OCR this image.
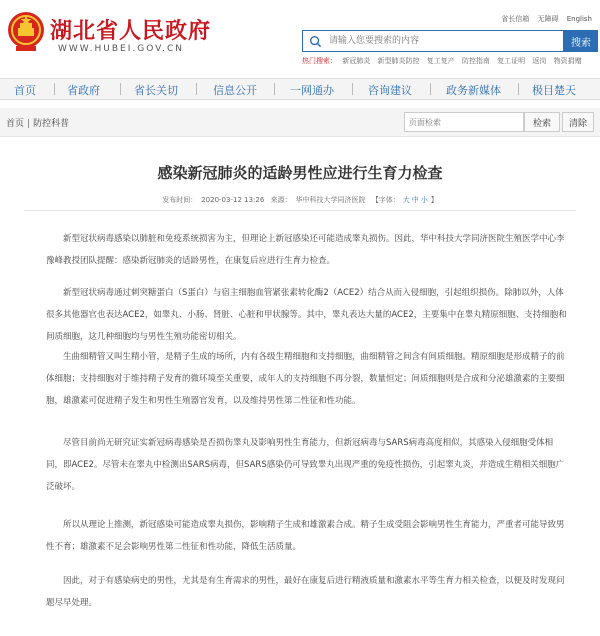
湖北省人民政府
WWW.HUBEI.GOV.CN
省长信箱 无障碍 English
请输入您要搜索的内容
搜索
热门搜索： 新冠肺炎 新型肺炎防控 复工复产 防控指南 复工证明 返岗 物资捐赠
首页	省政府	省长关切	信息公开	一网通办	咨询建议	政务新媒体	极目楚天
首页 | 防控科普
页面检索	检索	清除
感染新冠肺炎的适龄男性应进行生育力检查
发布时间： 2020-03-12 13:26 来源： 华中科技大学同济医院 【字体： 大 中 小 】

新型冠状病毒感染以肺脏和免疫系统损害为主，但理论上新冠感染还可能造成睾丸损伤。因此，华中科技大学同济医院生殖医学中心李豫峰教授团队提醒：感染新冠肺炎的适龄男性，在康复后应进行生育力检查。

新型冠状病毒通过刺突糖蛋白（S蛋白）与宿主细胞血管紧张素转化酶2（ACE2）结合从而入侵细胞，引起组织损伤。除肺以外，人体很多其他器官也表达ACE2，如睾丸、小肠、肾脏、心脏和甲状腺等。其中，睾丸表达大量的ACE2，主要集中在睾丸精原细胞、支持细胞和间质细胞，这几种细胞均与男性生殖功能密切相关。

生曲细精管又叫生精小管，是精子生成的场所，内有各级生精细胞和支持细胞，曲细精管之间含有间质细胞。精原细胞是形成精子的前体细胞；支持细胞对于维持精子发育的微环境至关重要，成年人的支持细胞不再分裂，数量恒定；间质细胞则是合成和分泌雄激素的主要细胞，雄激素可促进精子发生和男性生殖器官发育，以及维持男性第二性征和性功能。

尽管目前尚无研究证实新冠病毒感染是否损伤睾丸及影响男性生育能力，但新冠病毒与SARS病毒高度相似，其感染入侵细胞受体相同，即ACE2。尽管未在睾丸中检测出SARS病毒，但SARS感染仍可导致睾丸出现严重的免疫性损伤，引起睾丸炎，并造成生精相关细胞广泛破坏。

所以从理论上推测，新冠感染可能造成睾丸损伤，影响精子生成和雄激素合成。精子生成受阻会影响男性生育能力，严重者可能导致男性不育；雄激素不足会影响男性第二性征和性功能，降低生活质量。

因此，对于有感染病史的男性，尤其是有生育需求的男性，最好在康复后进行精液质量和激素水平等生育力相关检查，以便及时发现问题尽早处理。
